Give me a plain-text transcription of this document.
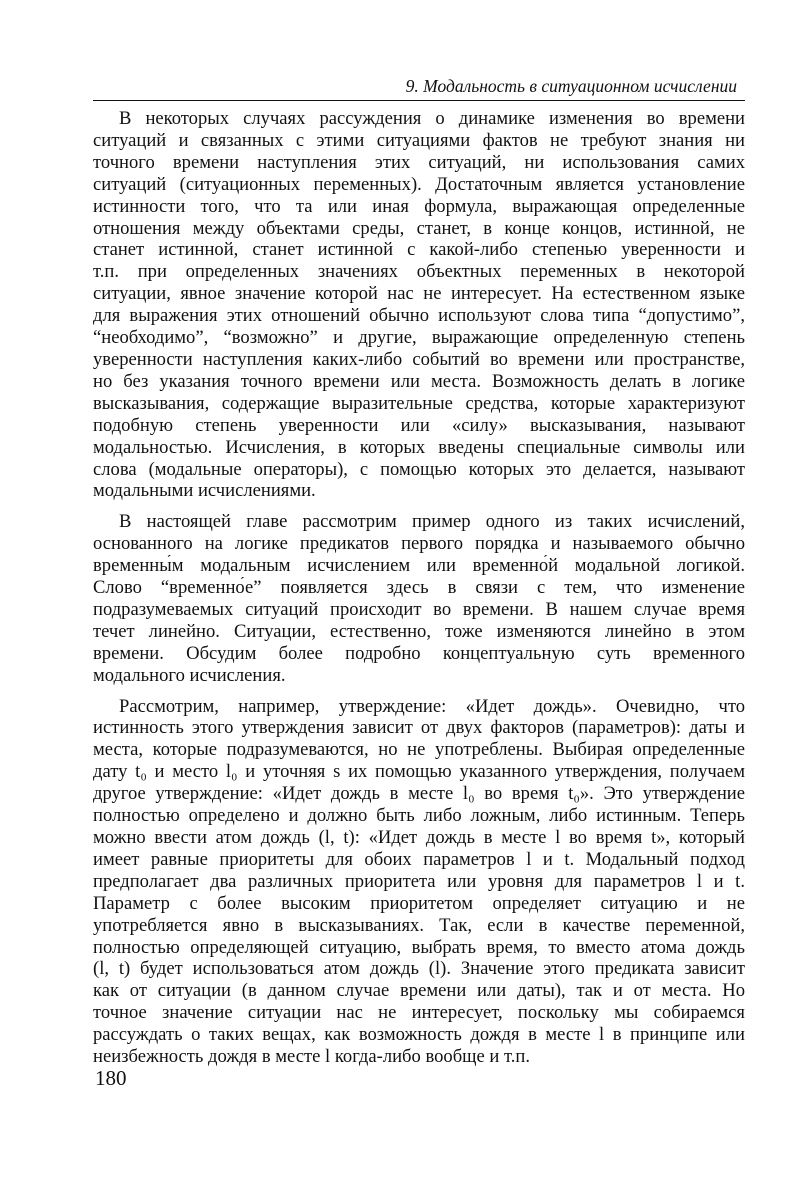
9. Модальность в ситуационном исчислении
В некоторых случаях рассуждения о динамике изменения во времени
ситуаций и связанных с этими ситуациями фактов не требуют знания ни
точного времени наступления этих ситуаций, ни использования самих
ситуаций (ситуационных переменных). Достаточным является установление
истинности того, что та или иная формула, выражающая определенные
отношения между объектами среды, станет, в конце концов, истинной, не
станет истинной, станет истинной с какой-либо степенью уверенности и
т.п. при определенных значениях объектных переменных в некоторой
ситуации, явное значение которой нас не интересует. На естественном языке
для выражения этих отношений обычно используют слова типа “допустимо”,
“необходимо”, “возможно” и другие, выражающие определенную степень
уверенности наступления каких-либо событий во времени или пространстве,
но без указания точного времени или места. Возможность делать в логике
высказывания, содержащие выразительные средства, которые характеризуют
подобную степень уверенности или «силу» высказывания, называют
модальностью. Исчисления, в которых введены специальные символы или
слова (модальные операторы), с помощью которых это делается, называют
модальными исчислениями.
В настоящей главе рассмотрим пример одного из таких исчислений,
основанного на логике предикатов первого порядка и называемого обычно
временны́м модальным исчислением или временно́й модальной логикой.
Слово “временно́е” появляется здесь в связи с тем, что изменение
подразумеваемых ситуаций происходит во времени. В нашем случае время
течет линейно. Ситуации, естественно, тоже изменяются линейно в этом
времени. Обсудим более подробно концептуальную суть временного
модального исчисления.
Рассмотрим, например, утверждение: «Идет дождь». Очевидно, что
истинность этого утверждения зависит от двух факторов (параметров): даты и
места, которые подразумеваются, но не употреблены. Выбирая определенные
дату t₀ и место l₀ и уточняя s их помощью указанного утверждения, получаем
другое утверждение: «Идет дождь в месте l₀ во время t₀». Это утверждение
полностью определено и должно быть либо ложным, либо истинным. Теперь
можно ввести атом дождь (l, t): «Идет дождь в месте l во время t», который
имеет равные приоритеты для обоих параметров l и t. Модальный подход
предполагает два различных приоритета или уровня для параметров l и t.
Параметр с более высоким приоритетом определяет ситуацию и не
употребляется явно в высказываниях. Так, если в качестве переменной,
полностью определяющей ситуацию, выбрать время, то вместо атома дождь
(l, t) будет использоваться атом дождь (l). Значение этого предиката зависит
как от ситуации (в данном случае времени или даты), так и от места. Но
точное значение ситуации нас не интересует, поскольку мы собираемся
рассуждать о таких вещах, как возможность дождя в месте l в принципе или
неизбежность дождя в месте l когда-либо вообще и т.п.
180
